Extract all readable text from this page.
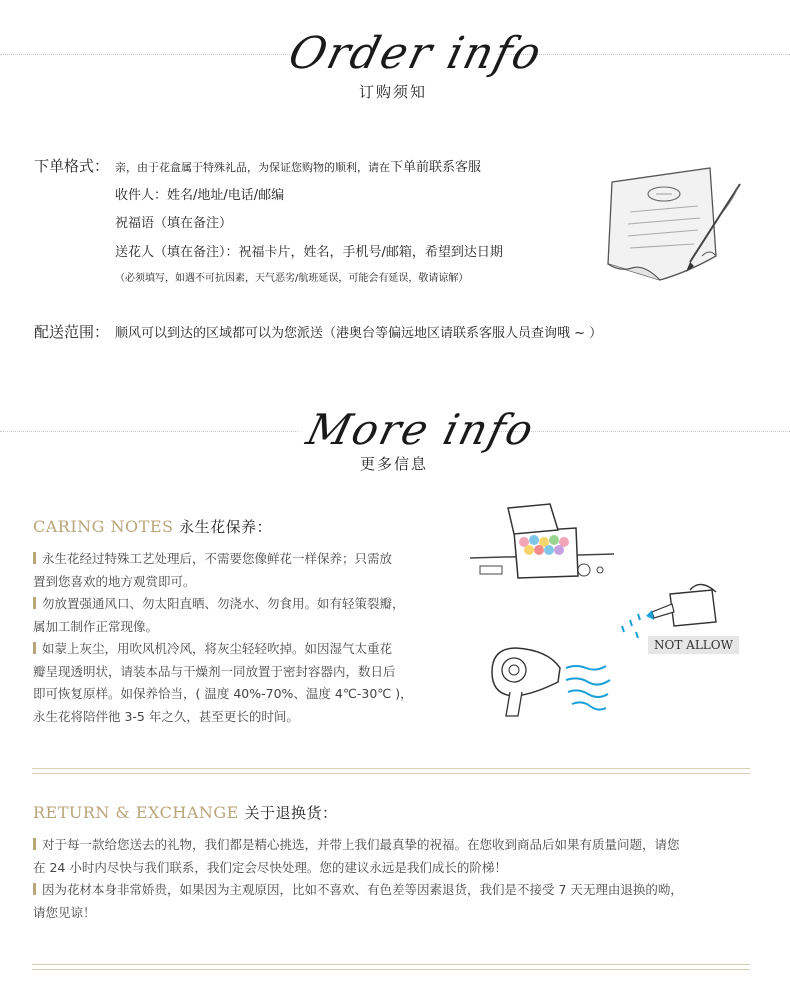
Order info
订购须知
下单格式： 亲，由于花盒属于特殊礼品，为保证您购物的顺利，请在下单前联系客服
收件人：姓名/地址/电话/邮编
祝福语（填在备注）
送花人（填在备注）：祝福卡片，姓名，手机号/邮箱，希望到达日期
（必须填写，如遇不可抗因素，天气恶劣/航班延误，可能会有延误，敬请谅解）
配送范围： 顺风可以到达的区域都可以为您派送（港奥台等偏远地区请联系客服人员查询哦 ~ ）
More info
更多信息
CARING NOTES 永生花保养：

永生花经过特殊工艺处理后，不需要您像鲜花一样保养；只需放

置到您喜欢的地方观赏即可。

勿放置强通风口、勿太阳直晒、勿浇水、勿食用。如有轻策裂瓣，

属加工制作正常现像。

如蒙上灰尘，用吹风机冷风，将灰尘轻轻吹掉。如因湿气太重花

瓣呈现透明状，请装本品与干燥剂一同放置于密封容器内，数日后

即可恢复原样。如保养恰当，( 温度 40%-70%、温度 4℃-30℃ )，

永生花将陪伴彵 3-5 年之久，甚至更长的时间。

NOT ALLOW
RETURN & EXCHANGE 关于退换货：

对于每一款给您送去的礼物，我们都是精心挑选，并带上我们最真挚的祝福。在您收到商品后如果有质量问题，请您

在 24 小时内尽快与我们联系，我们定会尽快处理。您的建议永远是我们成长的阶梯！

因为花材本身非常娇贵，如果因为主观原因，比如不喜欢、有色差等因素退货，我们是不接受 7 天无理由退换的呦，

请您见谅！
